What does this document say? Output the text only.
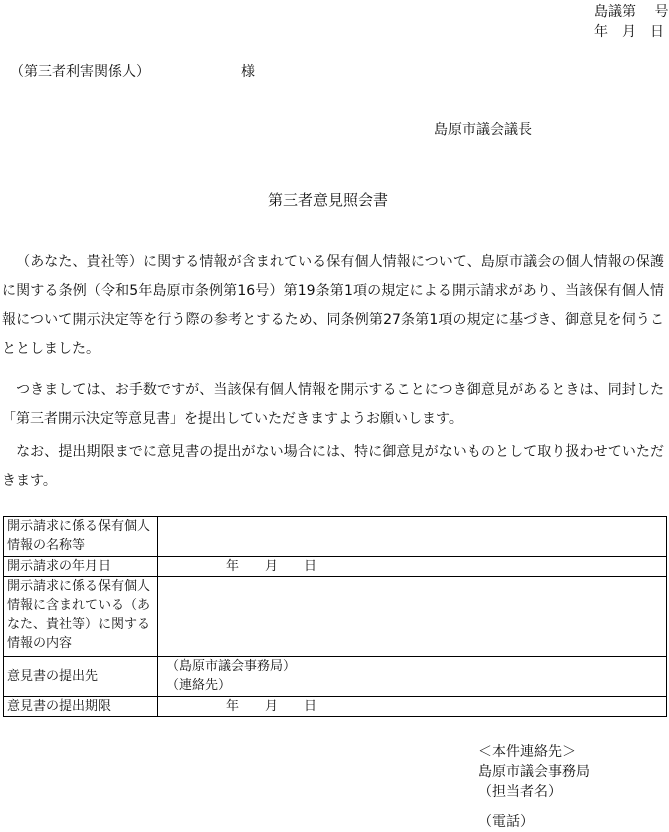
島議第　 号
年　月　日
（第三者利害関係人）　　　　　　　様
島原市議会議長
第三者意見照会書
（あなた、貴社等）に関する情報が含まれている保有個人情報について、島原市議会の個人情報の保護に関する条例（令和5年島原市条例第16号）第19条第1項の規定による開示請求があり、当該保有個人情報について開示決定等を行う際の参考とするため、同条例第27条第1項の規定に基づき、御意見を伺うこととしました。
つきましては、お手数ですが、当該保有個人情報を開示することにつき御意見があるときは、同封した「第三者開示決定等意見書」を提出していただきますようお願いします。
なお、提出期限までに意見書の提出がない場合には、特に御意見がないものとして取り扱わせていただきます。
開示請求に係る保有個人情報の名称等	
開示請求の年月日	年　　月　　日
開示請求に係る保有個人情報に含まれている（あなた、貴社等）に関する情報の内容	
意見書の提出先	（島原市議会事務局）
（連絡先）

意見書の提出期限	年　　月　　日
＜本件連絡先＞
島原市議会事務局
（担当者名）
（電話）
